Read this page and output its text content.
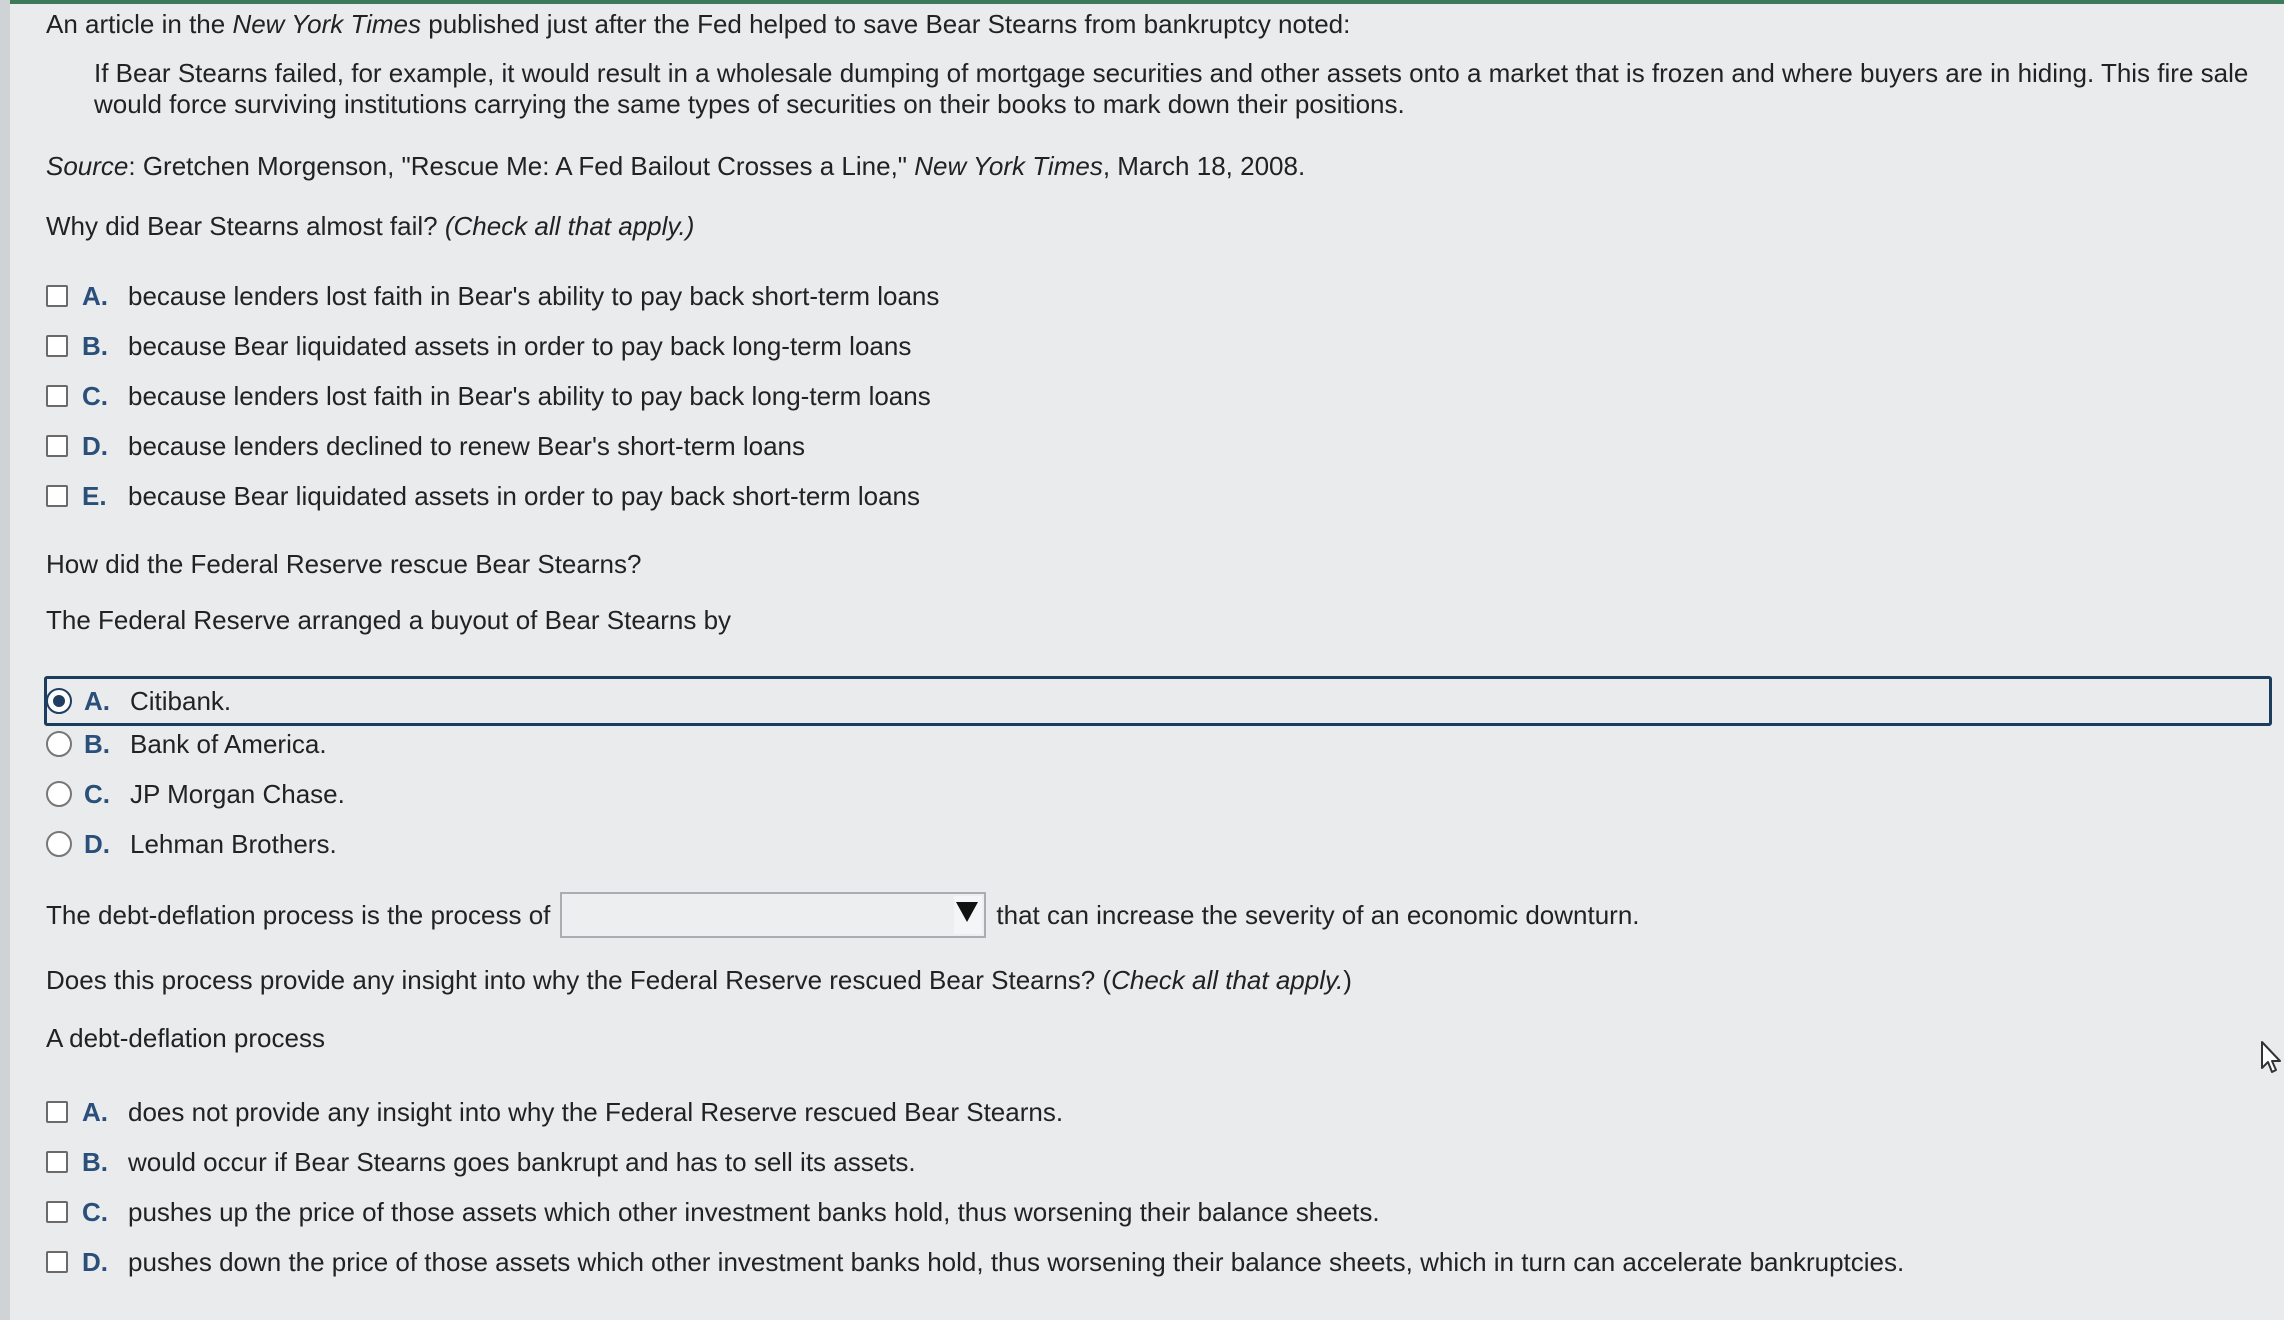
An article in the New York Times published just after the Fed helped to save Bear Stearns from bankruptcy noted:
If Bear Stearns failed, for example, it would result in a wholesale dumping of mortgage securities and other assets onto a market that is frozen and where buyers are in hiding. This fire sale would force surviving institutions carrying the same types of securities on their books to mark down their positions.
Source: Gretchen Morgenson, "Rescue Me: A Fed Bailout Crosses a Line," New York Times, March 18, 2008.
Why did Bear Stearns almost fail? (Check all that apply.)
A. because lenders lost faith in Bear's ability to pay back short-term loans
B. because Bear liquidated assets in order to pay back long-term loans
C. because lenders lost faith in Bear's ability to pay back long-term loans
D. because lenders declined to renew Bear's short-term loans
E. because Bear liquidated assets in order to pay back short-term loans
How did the Federal Reserve rescue Bear Stearns?
The Federal Reserve arranged a buyout of Bear Stearns by
A. Citibank.
B. Bank of America.
C. JP Morgan Chase.
D. Lehman Brothers.
The debt-deflation process is the process of	that can increase the severity of an economic downturn.
Does this process provide any insight into why the Federal Reserve rescued Bear Stearns? (Check all that apply.)
A debt-deflation process
A. does not provide any insight into why the Federal Reserve rescued Bear Stearns.
B. would occur if Bear Stearns goes bankrupt and has to sell its assets.
C. pushes up the price of those assets which other investment banks hold, thus worsening their balance sheets.
D. pushes down the price of those assets which other investment banks hold, thus worsening their balance sheets, which in turn can accelerate bankruptcies.
